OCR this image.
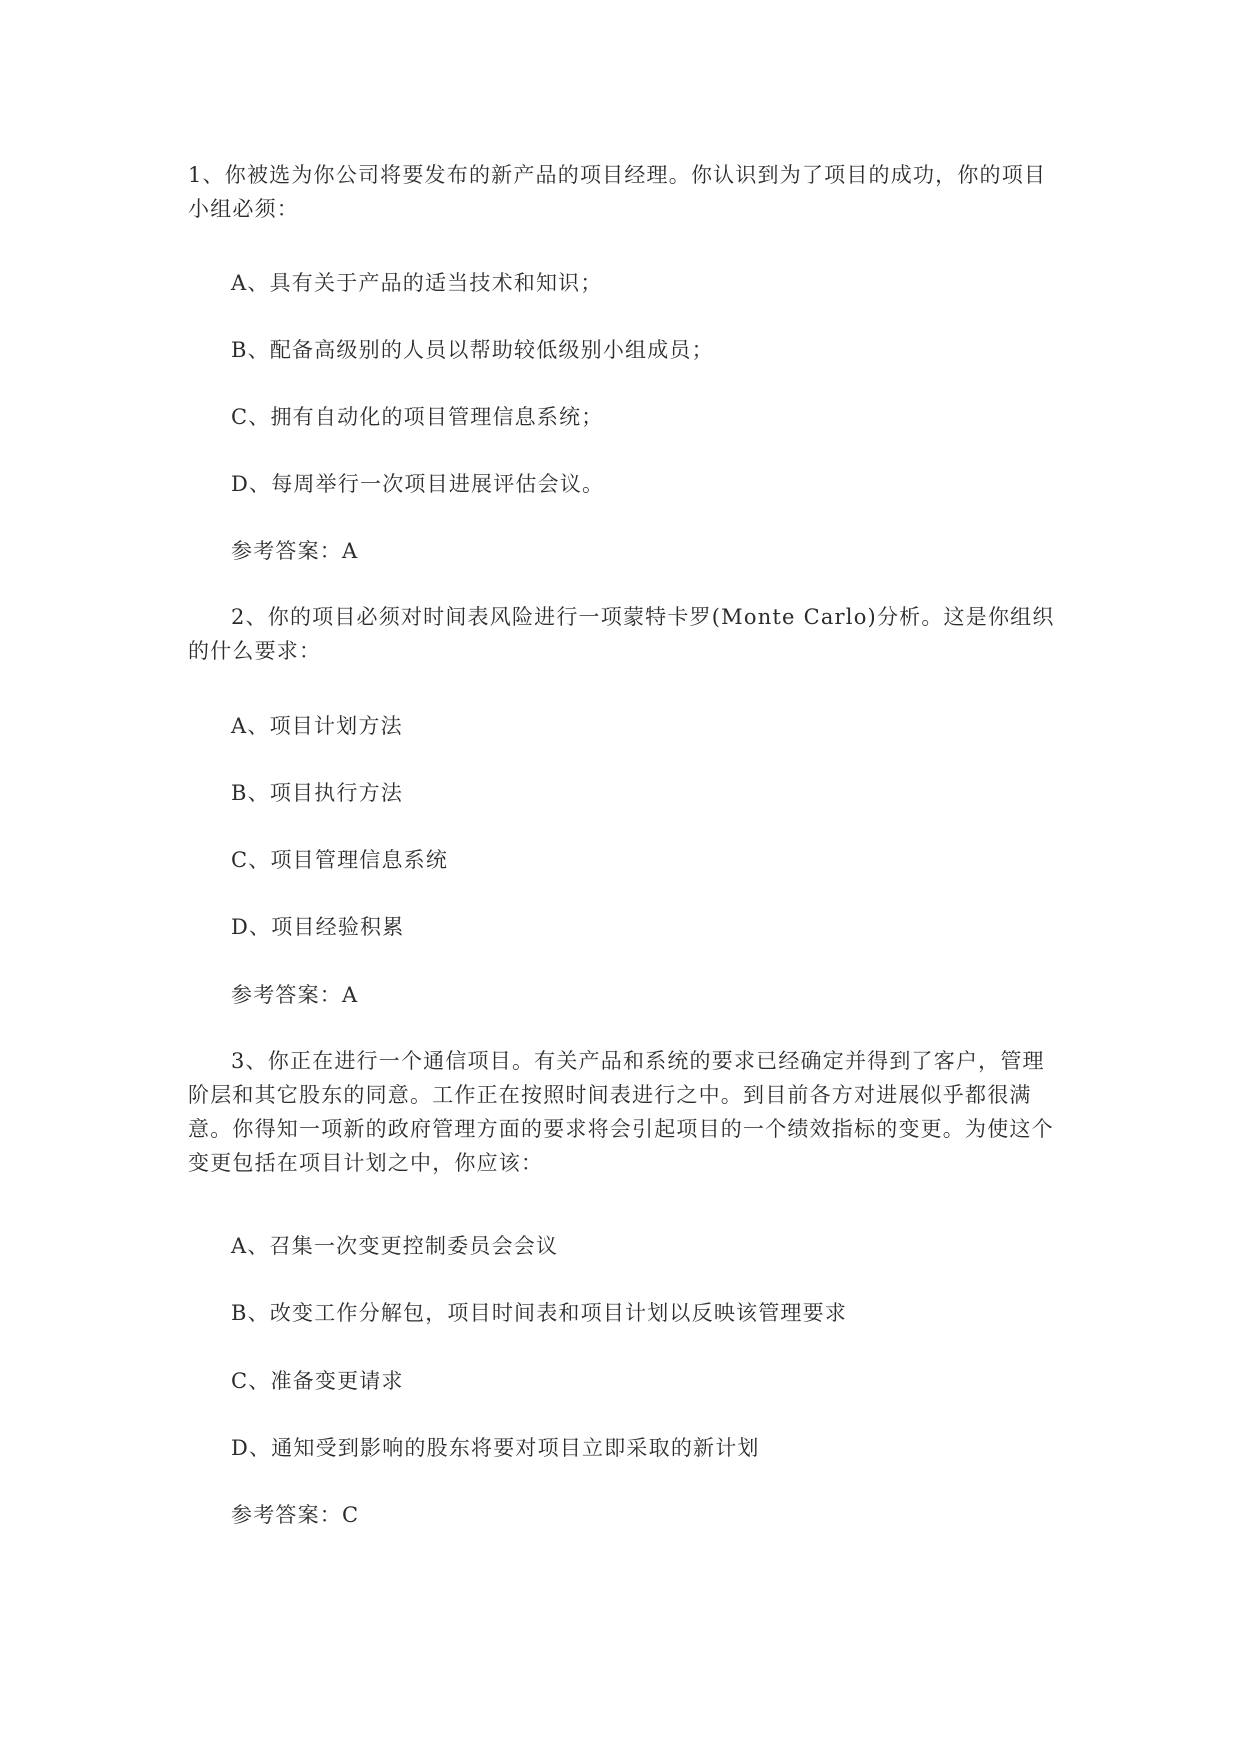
1、你被选为你公司将要发布的新产品的项目经理。你认识到为了项目的成功，你的项目小组必须：

A、具有关于产品的适当技术和知识；

B、配备高级别的人员以帮助较低级别小组成员；

C、拥有自动化的项目管理信息系统；

D、每周举行一次项目进展评估会议。

参考答案：A

2、你的项目必须对时间表风险进行一项蒙特卡罗(Monte Carlo)分析。这是你组织的什么要求：

A、项目计划方法

B、项目执行方法

C、项目管理信息系统

D、项目经验积累

参考答案：A

3、你正在进行一个通信项目。有关产品和系统的要求已经确定并得到了客户，管理阶层和其它股东的同意。工作正在按照时间表进行之中。到目前各方对进展似乎都很满意。你得知一项新的政府管理方面的要求将会引起项目的一个绩效指标的变更。为使这个变更包括在项目计划之中，你应该：

A、召集一次变更控制委员会会议

B、改变工作分解包，项目时间表和项目计划以反映该管理要求

C、准备变更请求

D、通知受到影响的股东将要对项目立即采取的新计划

参考答案：C
